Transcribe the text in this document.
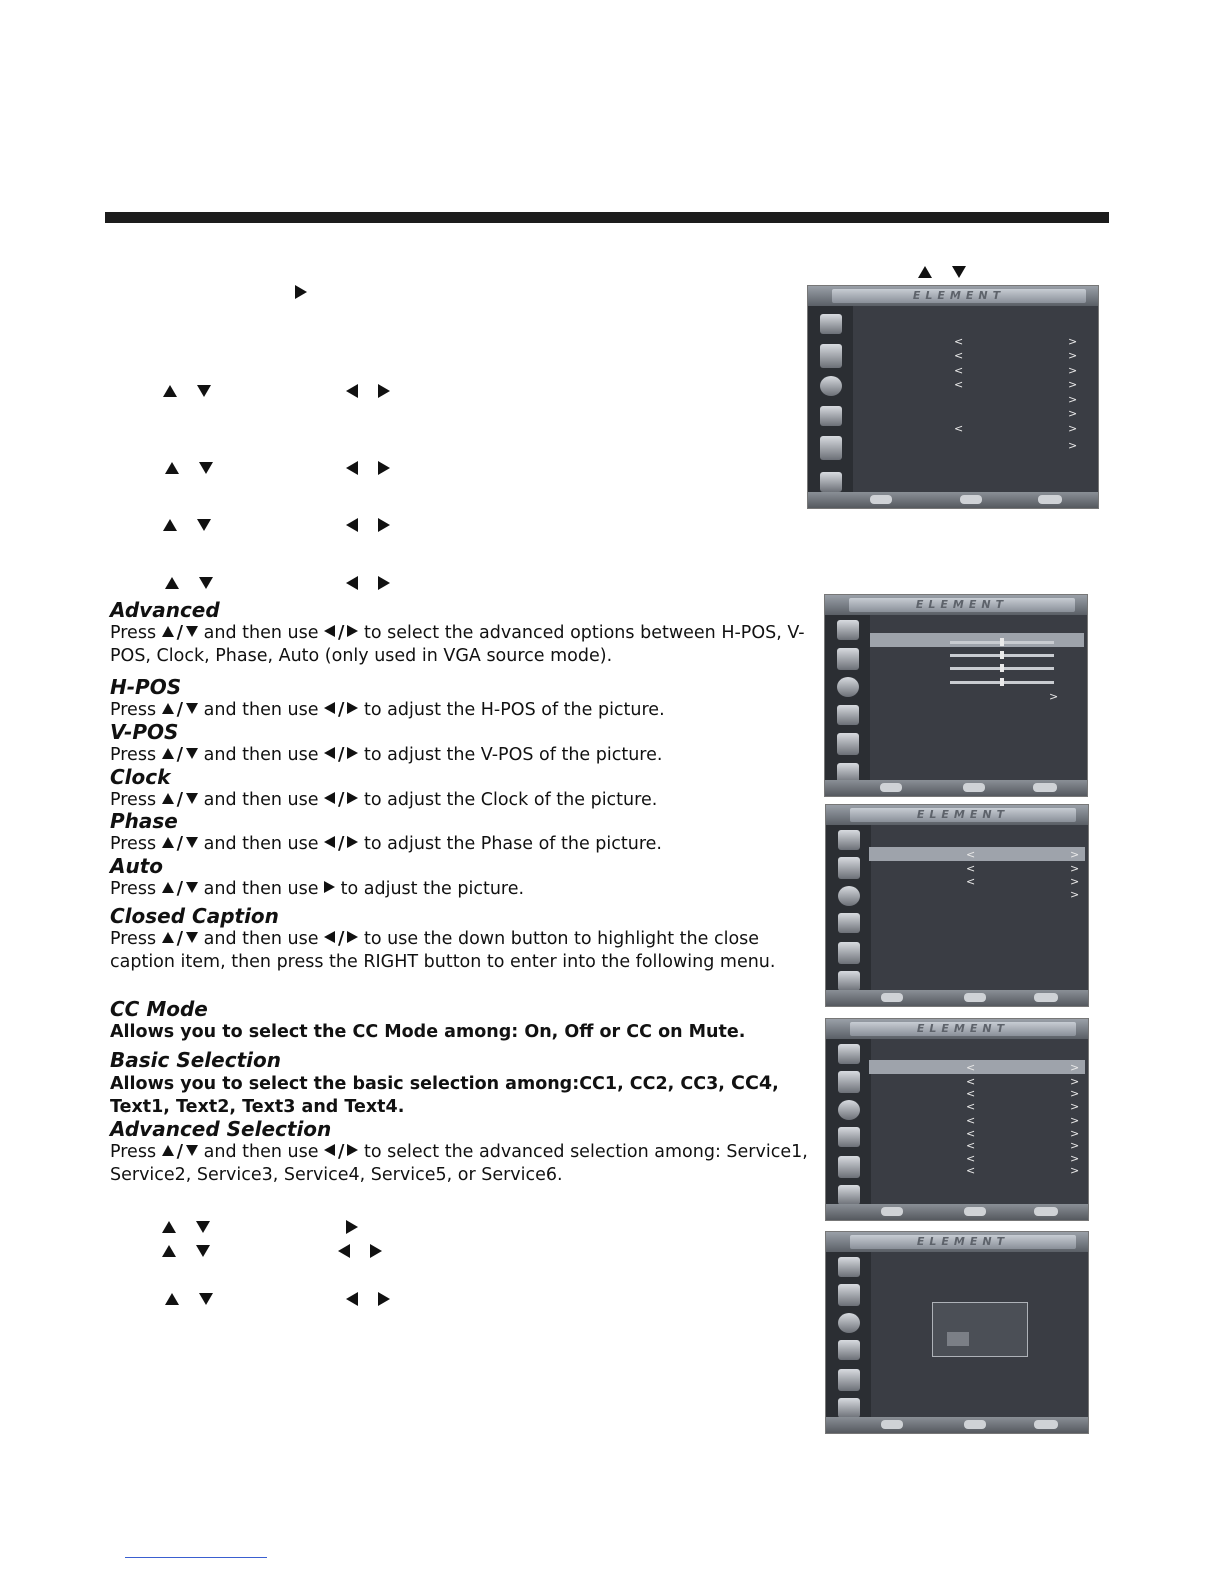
Advanced
Press / and then use / to select the advanced options between H-POS, V-POS, Clock, Phase, Auto (only used in VGA source mode).
H-POS
Press / and then use / to adjust the H-POS of the picture.
V-POS
Press / and then use / to adjust the V-POS of the picture.
Clock
Press / and then use / to adjust the Clock of the picture.
Phase
Press / and then use / to adjust the Phase of the picture.
Auto
Press / and then use to adjust the picture.
Closed Caption
Press / and then use / to use the down button to highlight the close caption item, then press the RIGHT button to enter into the following menu.
CC Mode
Allows you to select the CC Mode among: On, Off or CC on Mute.
Basic Selection
Allows you to select the basic selection among:CC1, CC2, CC3, CC4,
Text1, Text2, Text3 and Text4.
Advanced Selection
Press / and then use / to select the advanced selection among: Service1, Service2, Service3, Service4, Service5, or Service6.
ELEMENT
<	>
<	>
<	>
<	>
>
>
<	>
>
ELEMENT
>
ELEMENT
<	>
<	>
<	>
>
ELEMENT
<	>
<	>
<	>
<	>
<	>
<	>
<	>
<	>
<	>
ELEMENT
